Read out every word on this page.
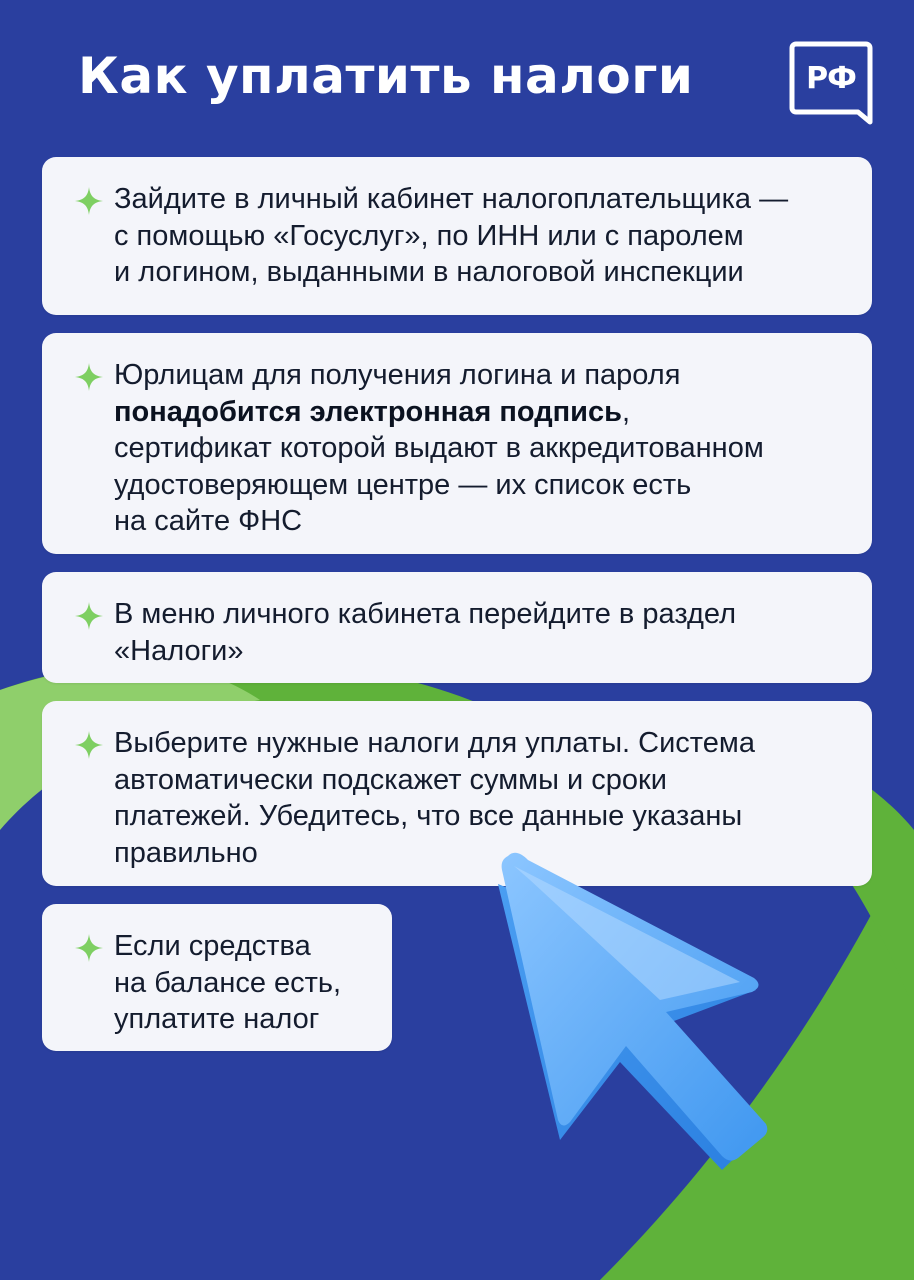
Как уплатить налоги	РФ

Зайдите в личный кабинет налогоплательщика —
с помощью «Госуслуг», по ИНН или с паролем
и логином, выданными в налоговой инспекции

Юрлицам для получения логина и пароля
понадобится электронная подпись,
сертификат которой выдают в аккредитованном
удостоверяющем центре — их список есть
на сайте ФНС

В меню личного кабинета перейдите в раздел
«Налоги»

Выберите нужные налоги для уплаты. Система
автоматически подскажет суммы и сроки
платежей. Убедитесь, что все данные указаны
правильно

Если средства
на балансе есть,
уплатите налог
